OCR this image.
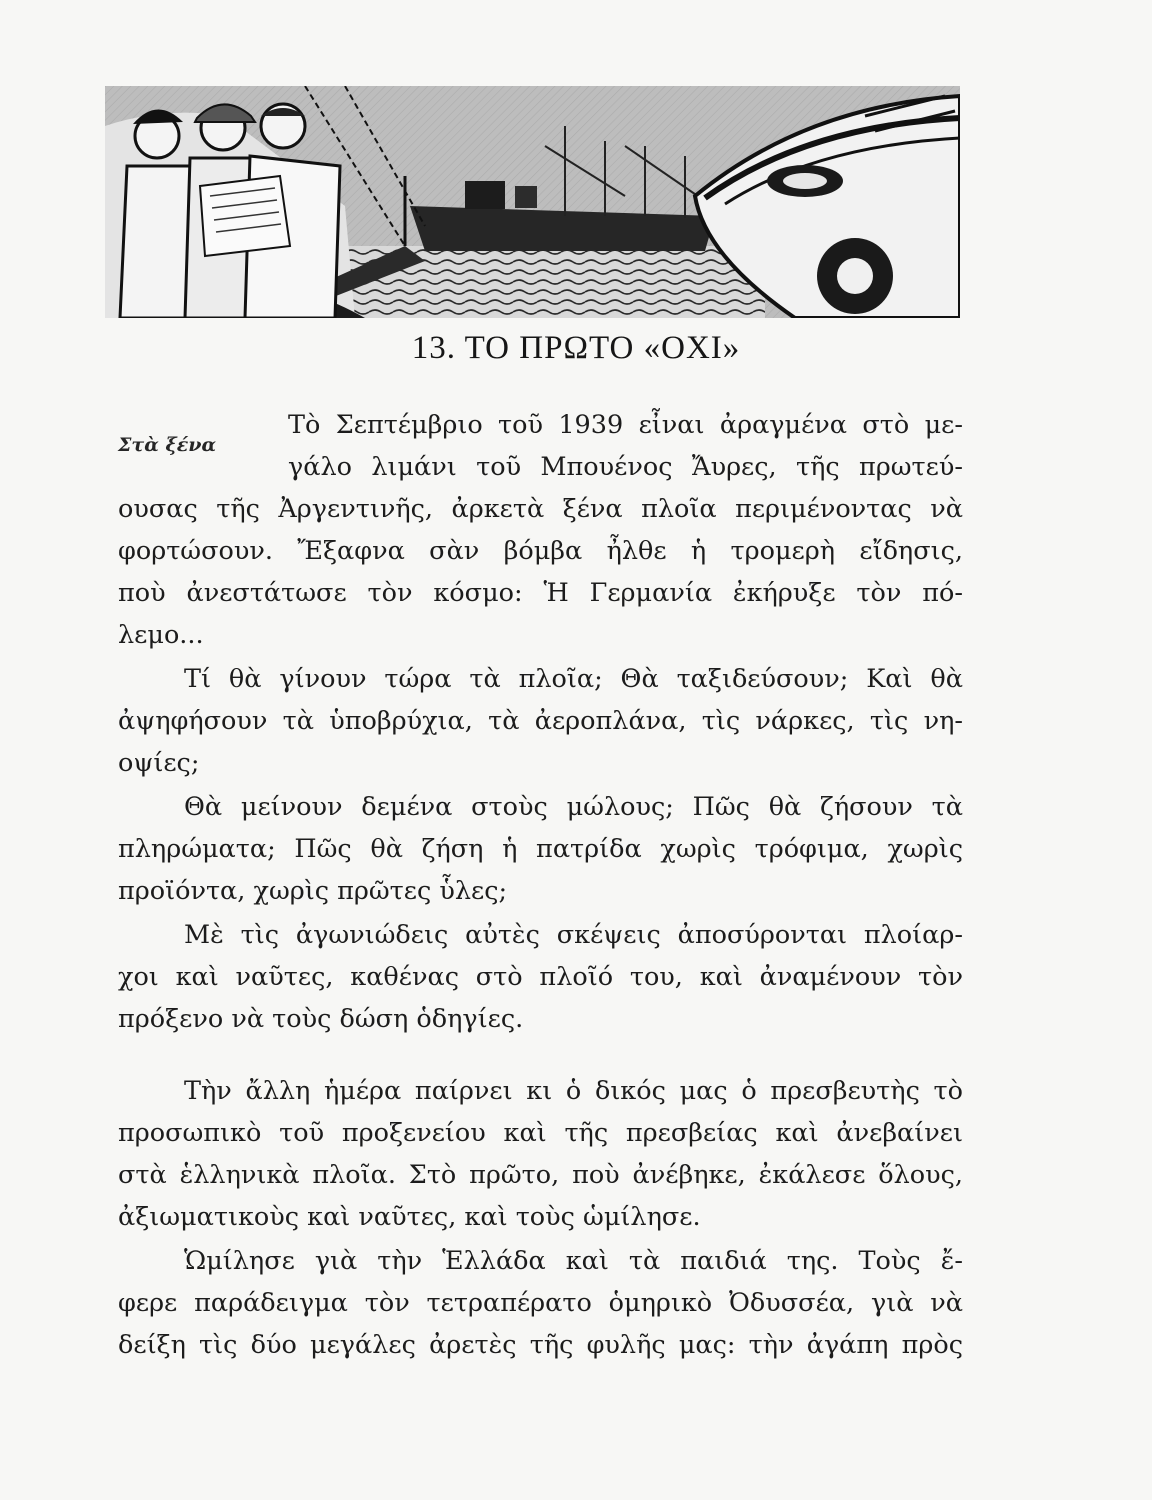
13. ΤΟ ΠΡΩΤΟ «ΟΧΙ»
Στὰ ξένα
Τὸ Σεπτέμβριο τοῦ 1939 εἶναι ἀραγμένα στὸ με-
γάλο λιμάνι τοῦ Μπουένος Ἄυρες, τῆς πρωτεύ-
ουσας τῆς Ἀργεντινῆς, ἀρκετὰ ξένα πλοῖα περιμένοντας νὰ
φορτώσουν. Ἔξαφνα σὰν βόμβα ἦλθε ἡ τρομερὴ εἴδησις,
ποὺ ἀνεστάτωσε τὸν κόσμο: Ἡ Γερμανία ἐκήρυξε τὸν πό-
λεμο...
Τί θὰ γίνουν τώρα τὰ πλοῖα; Θὰ ταξιδεύσουν; Καὶ θὰ
ἀψηφήσουν τὰ ὑποβρύχια, τὰ ἀεροπλάνα, τὶς νάρκες, τὶς νη-
οψίες;
Θὰ μείνουν δεμένα στοὺς μώλους; Πῶς θὰ ζήσουν τὰ
πληρώματα; Πῶς θὰ ζήση ἡ πατρίδα χωρὶς τρόφιμα, χωρὶς
προϊόντα, χωρὶς πρῶτες ὗλες;
Μὲ τὶς ἀγωνιώδεις αὐτὲς σκέψεις ἀποσύρονται πλοίαρ-
χοι καὶ ναῦτες, καθένας στὸ πλοῖό του, καὶ ἀναμένουν τὸν
πρόξενο νὰ τοὺς δώση ὁδηγίες.
Τὴν ἄλλη ἡμέρα παίρνει κι ὁ δικός μας ὁ πρεσβευτὴς τὸ
προσωπικὸ τοῦ προξενείου καὶ τῆς πρεσβείας καὶ ἀνεβαίνει
στὰ ἑλληνικὰ πλοῖα. Στὸ πρῶτο, ποὺ ἀνέβηκε, ἐκάλεσε ὅλους,
ἀξιωματικοὺς καὶ ναῦτες, καὶ τοὺς ὡμίλησε.
Ὡμίλησε γιὰ τὴν Ἑλλάδα καὶ τὰ παιδιά της. Τοὺς ἔ-
φερε παράδειγμα τὸν τετραπέρατο ὁμηρικὸ Ὀδυσσέα, γιὰ νὰ
δείξη τὶς δύο μεγάλες ἀρετὲς τῆς φυλῆς μας: τὴν ἀγάπη πρὸς
